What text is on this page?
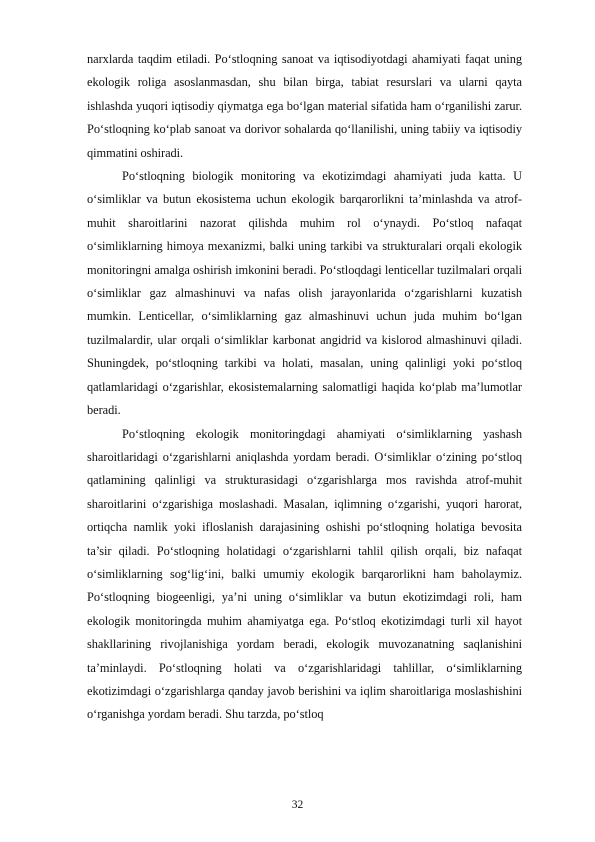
narxlarda taqdim etiladi. Po‘stloqning sanoat va iqtisodiyotdagi ahamiyati faqat uning ekologik roliga asoslanmasdan, shu bilan birga, tabiat resurslari va ularni qayta ishlashda yuqori iqtisodiy qiymatga ega bo‘lgan material sifatida ham o‘rganilishi zarur. Po‘stloqning ko‘plab sanoat va dorivor sohalarda qo‘llanilishi, uning tabiiy va iqtisodiy qimmatini oshiradi.

Po‘stloqning biologik monitoring va ekotizimdagi ahamiyati juda katta. U o‘simliklar va butun ekosistema uchun ekologik barqarorlikni ta’minlashda va atrof-muhit sharoitlarini nazorat qilishda muhim rol o‘ynaydi. Po‘stloq nafaqat o‘simliklarning himoya mexanizmi, balki uning tarkibi va strukturalari orqali ekologik monitoringni amalga oshirish imkonini beradi. Po‘stloqdagi lenticellar tuzilmalari orqali o‘simliklar gaz almashinuvi va nafas olish jarayonlarida o‘zgarishlarni kuzatish mumkin. Lenticellar, o‘simliklarning gaz almashinuvi uchun juda muhim bo‘lgan tuzilmalardir, ular orqali o‘simliklar karbonat angidrid va kislorod almashinuvi qiladi. Shuningdek, po‘stloqning tarkibi va holati, masalan, uning qalinligi yoki po‘stloq qatlamlaridagi o‘zgarishlar, ekosistemalarning salomatligi haqida ko‘plab ma’lumotlar beradi.

Po‘stloqning ekologik monitoringdagi ahamiyati o‘simliklarning yashash sharoitlaridagi o‘zgarishlarni aniqlashda yordam beradi. O‘simliklar o‘zining po‘stloq qatlamining qalinligi va strukturasidagi o‘zgarishlarga mos ravishda atrof-muhit sharoitlarini o‘zgarishiga moslashadi. Masalan, iqlimning o‘zgarishi, yuqori harorat, ortiqcha namlik yoki ifloslanish darajasining oshishi po‘stloqning holatiga bevosita ta’sir qiladi. Po‘stloqning holatidagi o‘zgarishlarni tahlil qilish orqali, biz nafaqat o‘simliklarning sog‘lig‘ini, balki umumiy ekologik barqarorlikni ham baholaymiz. Po‘stloqning biogeenligi, ya’ni uning o‘simliklar va butun ekotizimdagi roli, ham ekologik monitoringda muhim ahamiyatga ega. Po‘stloq ekotizimdagi turli xil hayot shakllarining rivojlanishiga yordam beradi, ekologik muvozanatning saqlanishini ta’minlaydi. Po‘stloqning holati va o‘zgarishlaridagi tahlillar, o‘simliklarning ekotizimdagi o‘zgarishlarga qanday javob berishini va iqlim sharoitlariga moslashishini o‘rganishga yordam beradi. Shu tarzda, po‘stloq

32
